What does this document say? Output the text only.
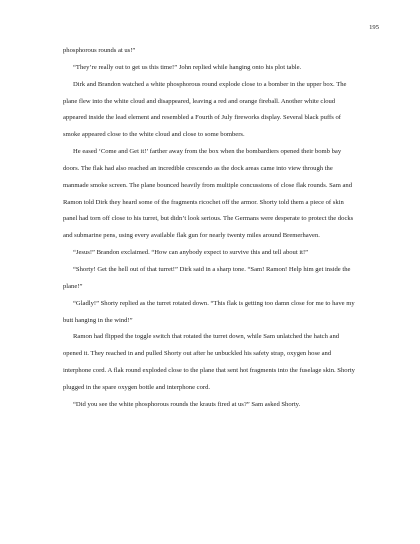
195

phosphorous rounds at us!”

“They’re really out to get us this time!” John replied while hanging onto his plot table.

Dirk and Brandon watched a white phosphorous round explode close to a bomber in the upper box. The plane flew into the white cloud and disappeared, leaving a red and orange fireball. Another white cloud appeared inside the lead element and resembled a Fourth of July fireworks display. Several black puffs of smoke appeared close to the white cloud and close to some bombers.

He eased ‘Come and Get it!’ farther away from the box when the bombardiers opened their bomb bay doors. The flak had also reached an incredible crescendo as the dock areas came into view through the manmade smoke screen. The plane bounced heavily from multiple concussions of close flak rounds. Sam and Ramon told Dirk they heard some of the fragments ricochet off the armor. Shorty told them a piece of skin panel had torn off close to his turret, but didn’t look serious. The Germans were desperate to protect the docks and submarine pens, using every available flak gun for nearly twenty miles around Bremerhaven.

“Jesus!” Brandon exclaimed. “How can anybody expect to survive this and tell about it!”

“Shorty! Get the hell out of that turret!” Dirk said in a sharp tone. “Sam! Ramon! Help him get inside the plane!”

“Gladly!” Shorty replied as the turret rotated down. “This flak is getting too damn close for me to have my butt hanging in the wind!”

Ramon had flipped the toggle switch that rotated the turret down, while Sam unlatched the hatch and opened it. They reached in and pulled Shorty out after he unbuckled his safety strap, oxygen hose and interphone cord. A flak round exploded close to the plane that sent hot fragments into the fuselage skin. Shorty plugged in the spare oxygen bottle and interphone cord.

“Did you see the white phosphorous rounds the krauts fired at us?” Sam asked Shorty.
